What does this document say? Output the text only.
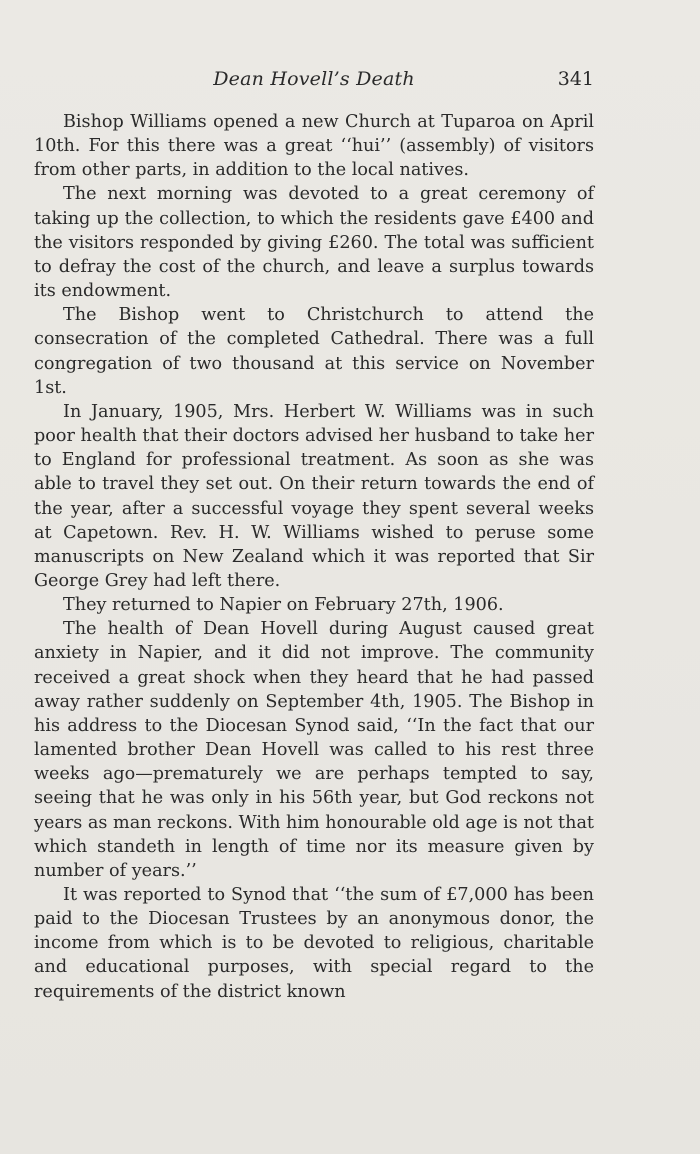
Dean Hovell’s Death	341

Bishop Williams opened a new Church at Tuparoa on April 10th. For this there was a great ‘‘hui’’ (assembly) of visitors from other parts, in addition to the local natives.

The next morning was devoted to a great ceremony of taking up the collection, to which the residents gave £400 and the visitors responded by giving £260. The total was sufficient to defray the cost of the church, and leave a surplus towards its endowment.

The Bishop went to Christchurch to attend the consecration of the completed Cathedral. There was a full congregation of two thousand at this service on November 1st.

In January, 1905, Mrs. Herbert W. Williams was in such poor health that their doctors advised her husband to take her to England for professional treatment. As soon as she was able to travel they set out. On their return towards the end of the year, after a successful voyage they spent several weeks at Capetown. Rev. H. W. Williams wished to peruse some manuscripts on New Zealand which it was reported that Sir George Grey had left there.

They returned to Napier on February 27th, 1906.

The health of Dean Hovell during August caused great anxiety in Napier, and it did not improve. The community received a great shock when they heard that he had passed away rather suddenly on September 4th, 1905. The Bishop in his address to the Diocesan Synod said, ‘‘In the fact that our lamented brother Dean Hovell was called to his rest three weeks ago—prematurely we are perhaps tempted to say, seeing that he was only in his 56th year, but God reckons not years as man reckons. With him honourable old age is not that which standeth in length of time nor its measure given by number of years.’’

It was reported to Synod that ‘‘the sum of £7,000 has been paid to the Diocesan Trustees by an anonymous donor, the income from which is to be devoted to religious, charitable and educational purposes, with special regard to the requirements of the district known
